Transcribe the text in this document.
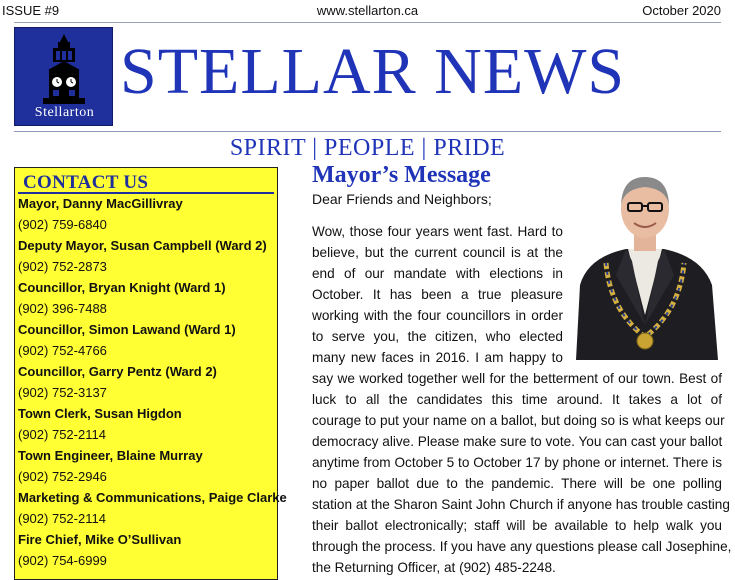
ISSUE #9	www.stellarton.ca	October 2020
Stellarton
STELLAR NEWS
SPIRIT | PEOPLE | PRIDE
CONTACT US
Mayor, Danny MacGillivray
(902) 759-6840
Deputy Mayor, Susan Campbell (Ward 2)
(902) 752-2873
Councillor, Bryan Knight (Ward 1)
(902) 396-7488
Councillor, Simon Lawand (Ward 1)
(902) 752-4766
Councillor, Garry Pentz (Ward 2)
(902) 752-3137
Town Clerk, Susan Higdon
(902) 752-2114
Town Engineer, Blaine Murray
(902) 752-2946
Marketing & Communications, Paige Clarke
(902) 752-2114
Fire Chief, Mike O’Sullivan
(902) 754-6999
Mayor’s Message
Dear Friends and Neighbors;
Wow, those four years went fast. Hard to
believe, but the current council is at the
end of our mandate with elections in
October. It has been a true pleasure
working with the four councillors in order
to serve you, the citizen, who elected
many new faces in 2016. I am happy to
say we worked together well for the betterment of our town. Best of
luck to all the candidates this time around. It takes a lot of
courage to put your name on a ballot, but doing so is what keeps our
democracy alive. Please make sure to vote. You can cast your ballot
anytime from October 5 to October 17 by phone or internet. There is
no paper ballot due to the pandemic. There will be one polling
station at the Sharon Saint John Church if anyone has trouble casting
their ballot electronically; staff will be available to help walk you
through the process. If you have any questions please call Josephine,
the Returning Officer, at (902) 485-2248.
